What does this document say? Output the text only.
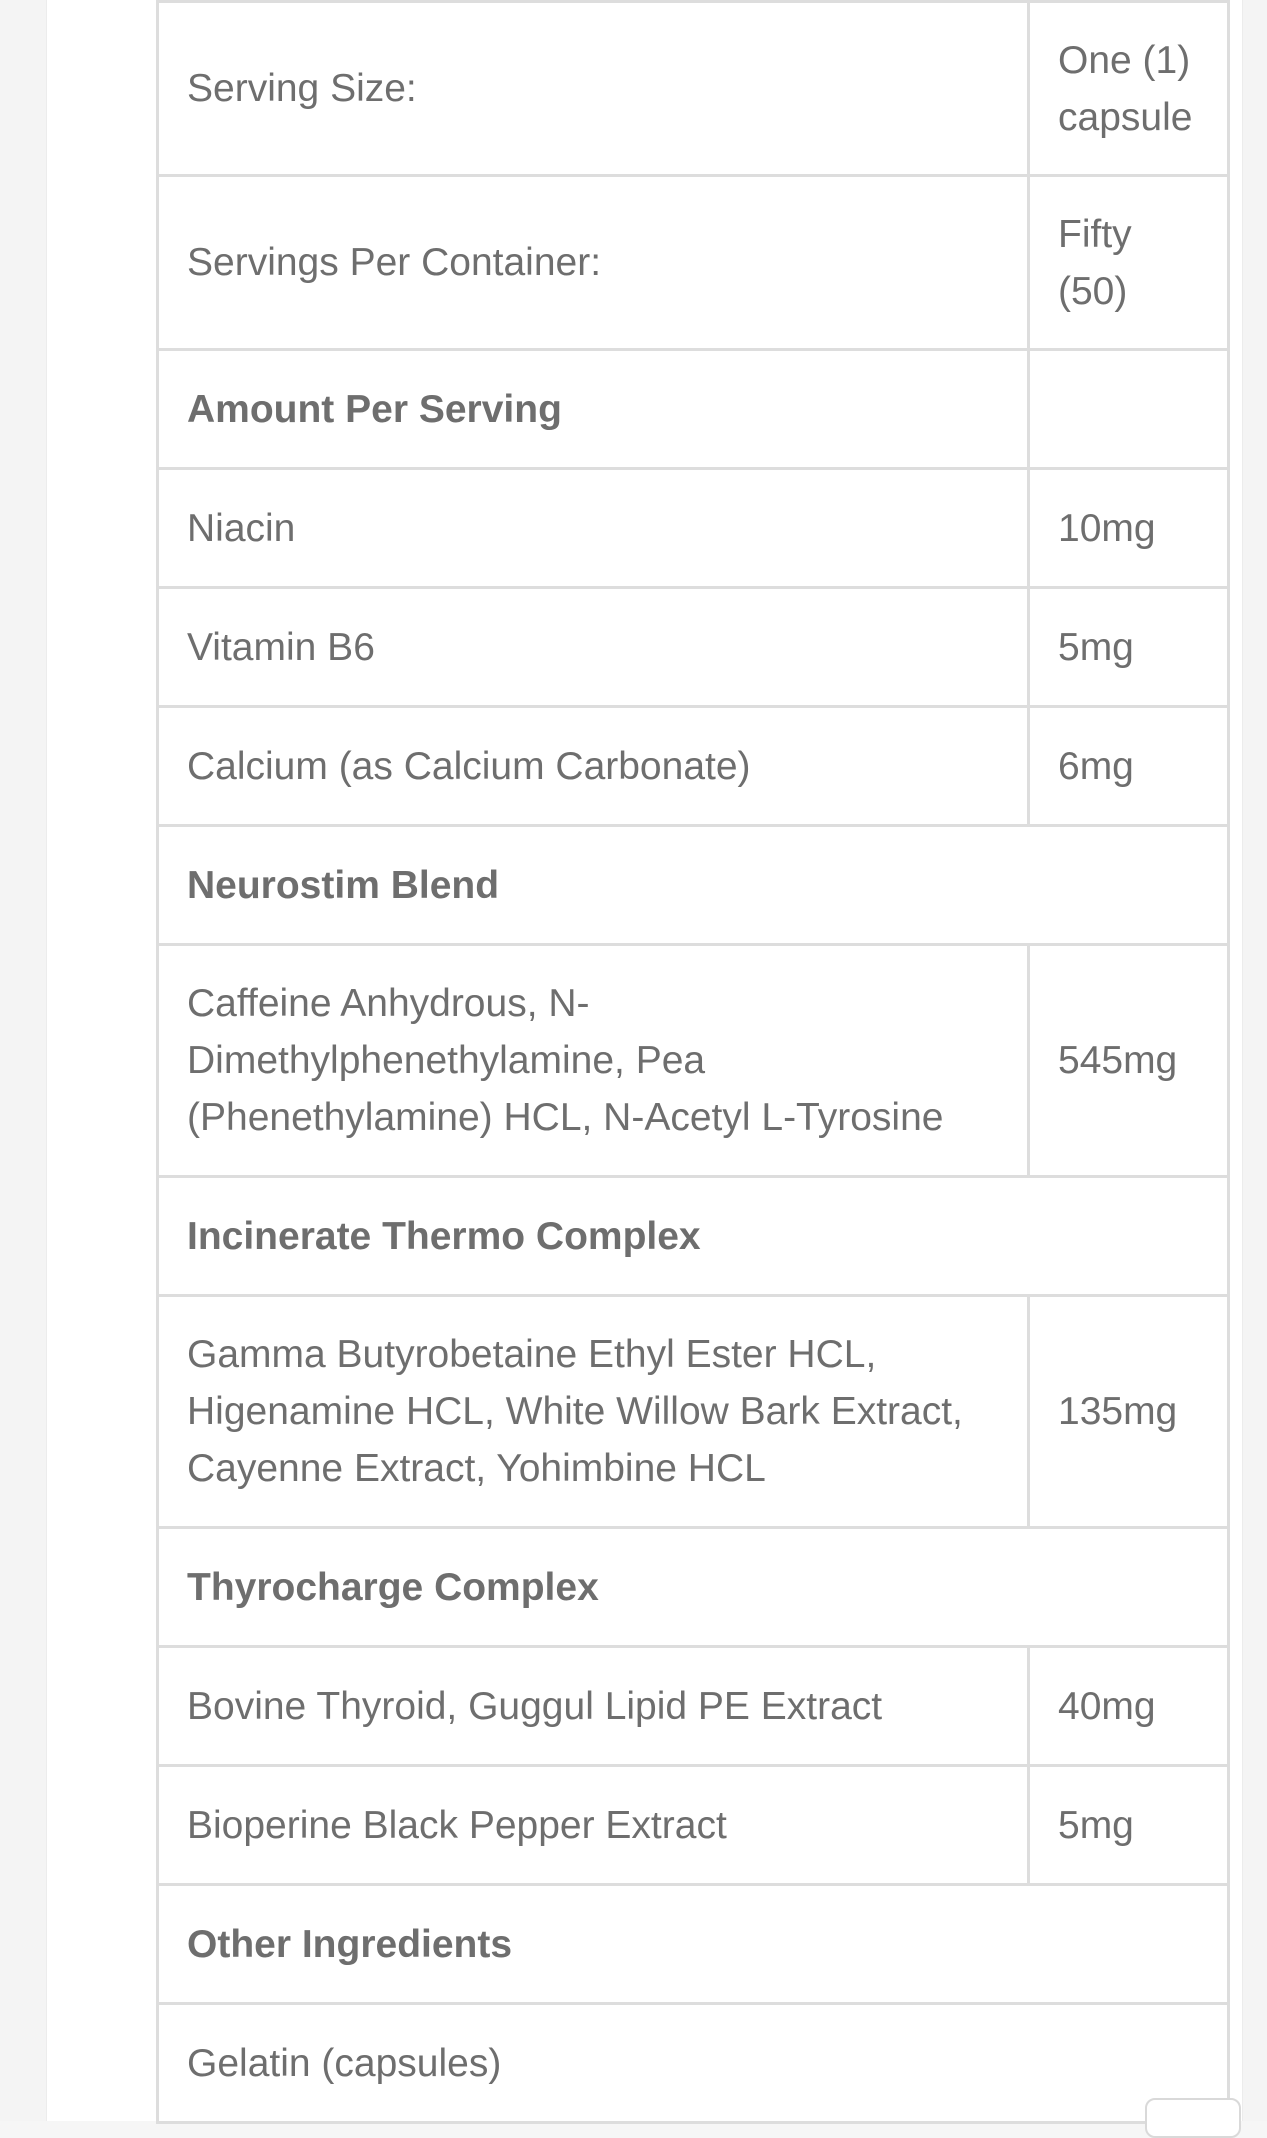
Serving Size:	One (1) capsule
Servings Per Container:	Fifty (50)
Amount Per Serving	
Niacin	10mg
Vitamin B6	5mg
Calcium (as Calcium Carbonate)	6mg
Neurostim Blend	
Caffeine Anhydrous, N-Dimethylphenethylamine, Pea (Phenethylamine) HCL, N-Acetyl L-Tyrosine	545mg
Incinerate Thermo Complex	
Gamma Butyrobetaine Ethyl Ester HCL, Higenamine HCL, White Willow Bark Extract, Cayenne Extract, Yohimbine HCL	135mg
Thyrocharge Complex	
Bovine Thyroid, Guggul Lipid PE Extract	40mg
Bioperine Black Pepper Extract	5mg
Other Ingredients	
Gelatin (capsules)	
